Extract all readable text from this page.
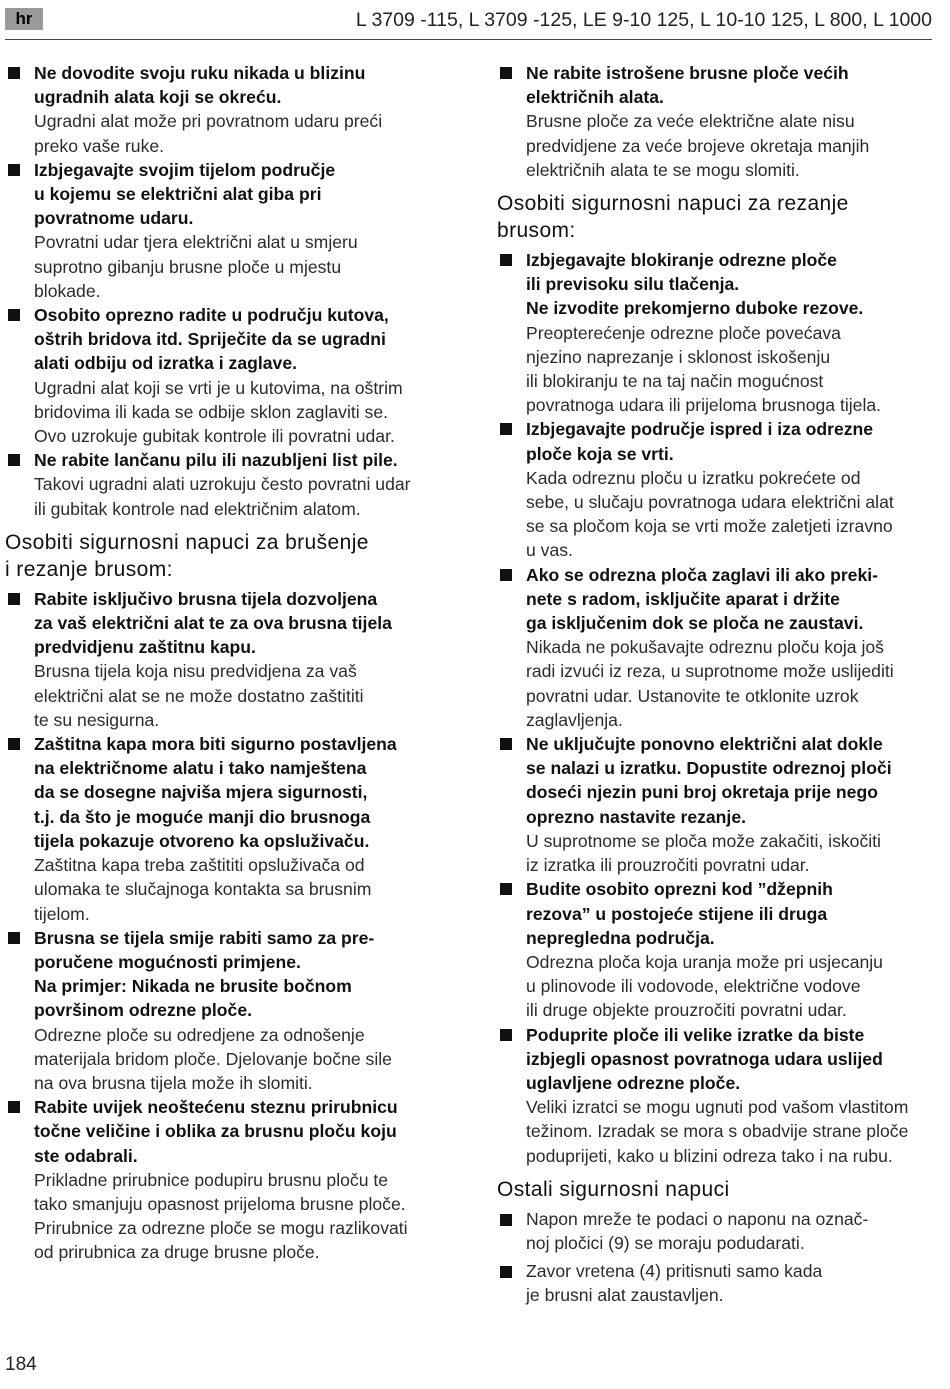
hr	L 3709 -115, L 3709 -125, LE 9-10 125, L 10-10 125, L 800, L 1000
Ne dovodite svoju ruku nikada u blizinu
ugradnih alata koji se okreću.
Ugradni alat može pri povratnom udaru preći
preko vaše ruke.
Izbjegavajte svojim tijelom područje
u kojemu se električni alat giba pri
povratnome udaru.
Povratni udar tjera električni alat u smjeru
suprotno gibanju brusne ploče u mjestu
blokade.
Osobito oprezno radite u području kutova,
oštrih bridova itd. Spriječite da se ugradni
alati odbiju od izratka i zaglave.
Ugradni alat koji se vrti je u kutovima, na oštrim
bridovima ili kada se odbije sklon zaglaviti se.
Ovo uzrokuje gubitak kontrole ili povratni udar.
Ne rabite lančanu pilu ili nazubljeni list pile.
Takovi ugradni alati uzrokuju često povratni udar
ili gubitak kontrole nad električnim alatom.
Osobiti sigurnosni napuci za brušenje
i rezanje brusom:
Rabite isključivo brusna tijela dozvoljena
za vaš električni alat te za ova brusna tijela
predvidjenu zaštitnu kapu.
Brusna tijela koja nisu predvidjena za vaš
električni alat se ne može dostatno zaštititi
te su nesigurna.
Zaštitna kapa mora biti sigurno postavljena
na električnome alatu i tako namještena
da se dosegne najviša mjera sigurnosti,
t.j. da što je moguće manji dio brusnoga
tijela pokazuje otvoreno ka opsluživaču.
Zaštitna kapa treba zaštititi opsluživača od
ulomaka te slučajnoga kontakta sa brusnim
tijelom.
Brusna se tijela smije rabiti samo za pre-
poručene mogućnosti primjene.
Na primjer: Nikada ne brusite bočnom
površinom odrezne ploče.
Odrezne ploče su odredjene za odnošenje
materijala bridom ploče. Djelovanje bočne sile
na ova brusna tijela može ih slomiti.
Rabite uvijek neoštećenu steznu prirubnicu
točne veličine i oblika za brusnu ploču koju
ste odabrali.
Prikladne prirubnice podupiru brusnu ploču te
tako smanjuju opasnost prijeloma brusne ploče.
Prirubnice za odrezne ploče se mogu razlikovati
od prirubnica za druge brusne ploče.
Ne rabite istrošene brusne ploče većih
električnih alata.
Brusne ploče za veće električne alate nisu
predvidjene za veće brojeve okretaja manjih
električnih alata te se mogu slomiti.
Osobiti sigurnosni napuci za rezanje
brusom:
Izbjegavajte blokiranje odrezne ploče
ili previsoku silu tlačenja.
Ne izvodite prekomjerno duboke rezove.
Preopterećenje odrezne ploče povećava
njezino naprezanje i sklonost iskošenju
ili blokiranju te na taj način mogućnost
povratnoga udara ili prijeloma brusnoga tijela.
Izbjegavajte područje ispred i iza odrezne
ploče koja se vrti.
Kada odreznu ploču u izratku pokrećete od
sebe, u slučaju povratnoga udara električni alat
se sa pločom koja se vrti može zaletjeti izravno
u vas.
Ako se odrezna ploča zaglavi ili ako preki-
nete s radom, isključite aparat i držite
ga isključenim dok se ploča ne zaustavi.
Nikada ne pokušavajte odreznu ploču koja još
radi izvući iz reza, u suprotnome može uslijediti
povratni udar. Ustanovite te otklonite uzrok
zaglavljenja.
Ne uključujte ponovno električni alat dokle
se nalazi u izratku. Dopustite odreznoj ploči
doseći njezin puni broj okretaja prije nego
oprezno nastavite rezanje.
U suprotnome se ploča može zakačiti, iskočiti
iz izratka ili prouzročiti povratni udar.
Budite osobito oprezni kod ”džepnih
rezova” u postojeće stijene ili druga
nepregledna područja.
Odrezna ploča koja uranja može pri usjecanju
u plinovode ili vodovode, električne vodove
ili druge objekte prouzročiti povratni udar.
Poduprite ploče ili velike izratke da biste
izbjegli opasnost povratnoga udara uslijed
uglavljene odrezne ploče.
Veliki izratci se mogu ugnuti pod vašom vlastitom
težinom. Izradak se mora s obadvije strane ploče
poduprijeti, kako u blizini odreza tako i na rubu.
Ostali sigurnosni napuci
Napon mreže te podaci o naponu na označ-
noj pločici (9) se moraju podudarati.
Zavor vretena (4) pritisnuti samo kada
je brusni alat zaustavljen.
184
